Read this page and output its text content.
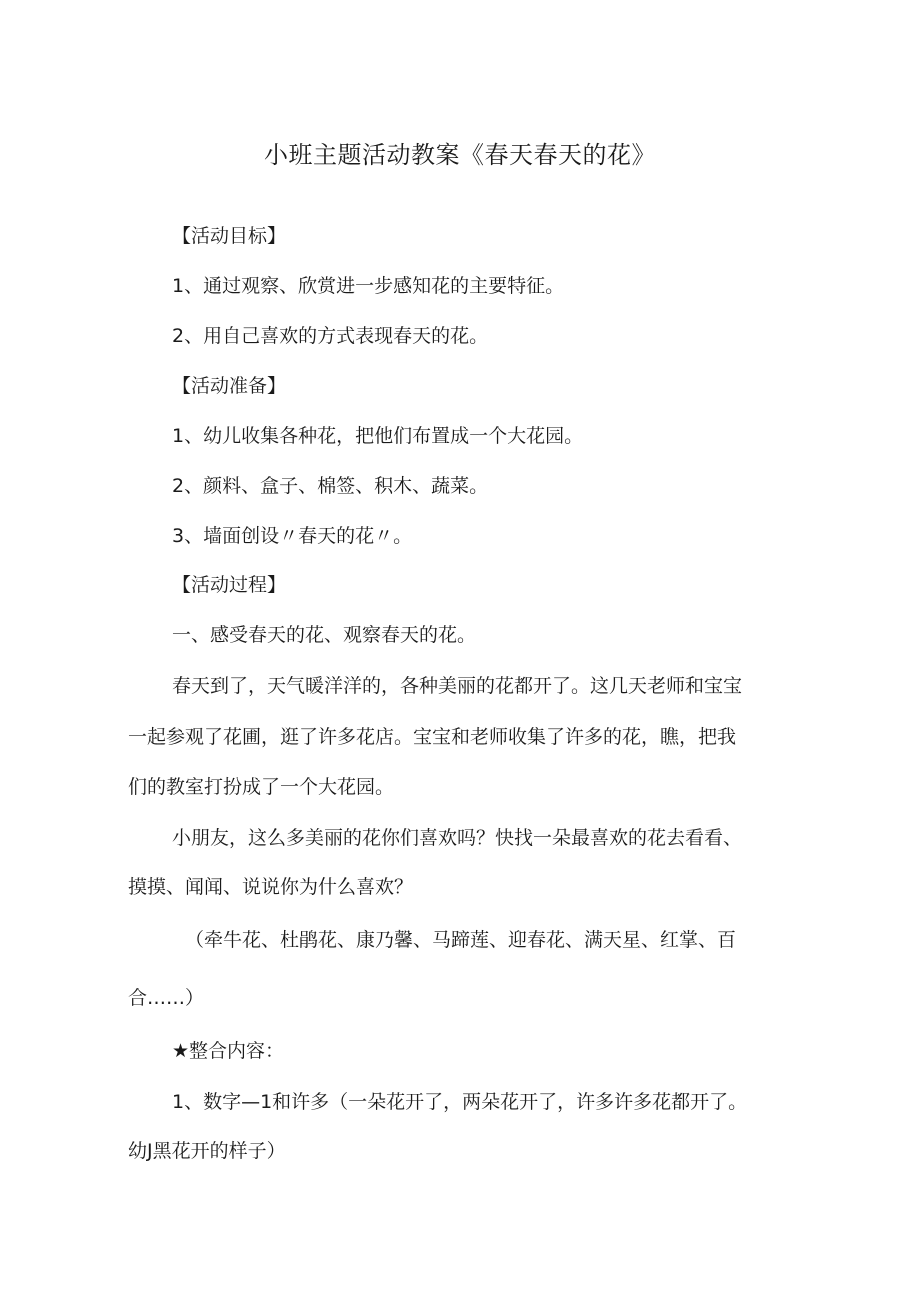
小班主题活动教案《春天春天的花》
【活动目标】
1、通过观察、欣赏进一步感知花的主要特征。
2、用自己喜欢的方式表现春天的花。
【活动准备】
1、幼儿收集各种花，把他们布置成一个大花园。
2、颜料、盒子、棉签、积木、蔬菜。
3、墙面创设〃春天的花〃。
【活动过程】
一、感受春天的花、观察春天的花。
春天到了，天气暖洋洋的，各种美丽的花都开了。这几天老师和宝宝
一起参观了花圃，逛了许多花店。宝宝和老师收集了许多的花，瞧，把我
们的教室打扮成了一个大花园。
小朋友，这么多美丽的花你们喜欢吗？快找一朵最喜欢的花去看看、
摸摸、闻闻、说说你为什么喜欢？
（牵牛花、杜鹃花、康乃馨、马蹄莲、迎春花、满天星、红掌、百
合……）
★整合内容：
1、数字—1和许多（一朵花开了，两朵花开了，许多许多花都开了。
幼J黑花开的样子）
